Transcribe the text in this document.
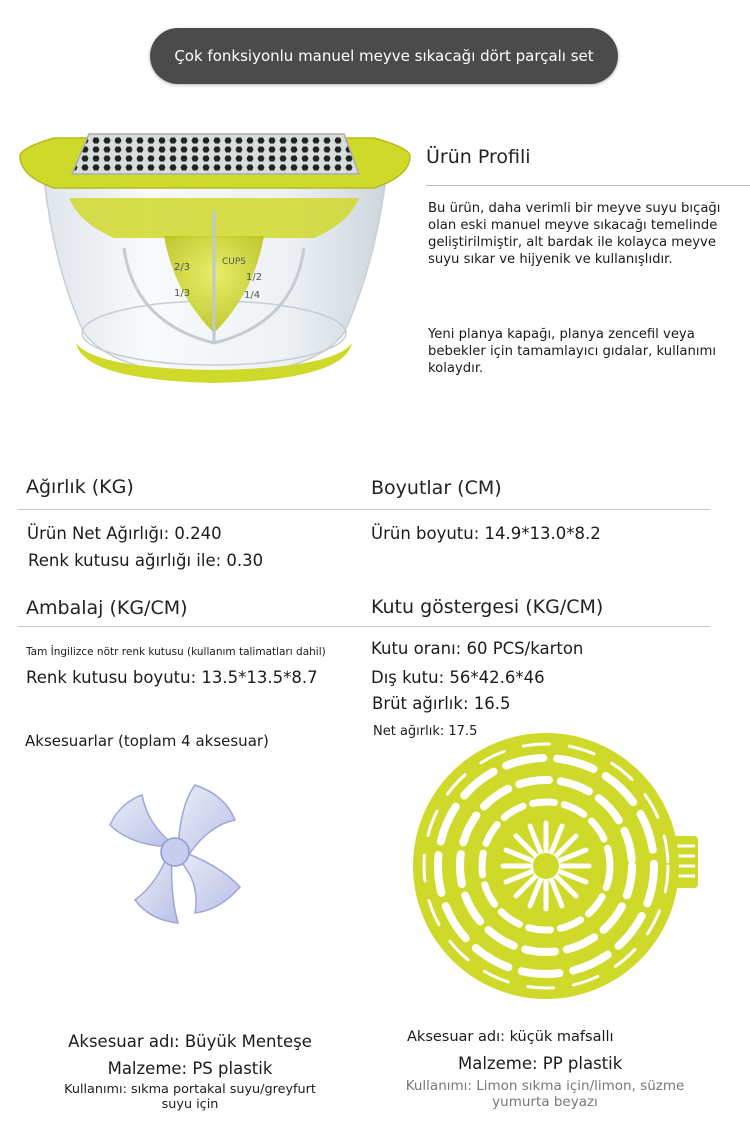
Çok fonksiyonlu manuel meyve sıkacağı dört parçalı set
2/3
1/3
1/2
1/4
CUPS
Ürün Profili
Bu ürün, daha verimli bir meyve suyu bıçağı olan eski manuel meyve sıkacağı temelinde geliştirilmiştir, alt bardak ile kolayca meyve suyu sıkar ve hijyenik ve kullanışlıdır.
Yeni planya kapağı, planya zencefil veya bebekler için tamamlayıcı gıdalar, kullanımı kolaydır.
Ağırlık (KG)	Boyutlar (CM)
Ürün Net Ağırlığı: 0.240
Renk kutusu ağırlığı ile: 0.30
Ürün boyutu: 14.9*13.0*8.2
Ambalaj (KG/CM)	Kutu göstergesi (KG/CM)
Tam İngilizce nötr renk kutusu (kullanım talimatları dahil)
Renk kutusu boyutu: 13.5*13.5*8.7
Kutu oranı: 60 PCS/karton
Dış kutu: 56*42.6*46
Brüt ağırlık: 16.5
Net ağırlık: 17.5
Aksesuarlar (toplam 4 aksesuar)
Aksesuar adı: Büyük Menteşe
Malzeme: PS plastik
Kullanımı: sıkma portakal suyu/greyfurt
suyu için
Aksesuar adı: küçük mafsallı
Malzeme: PP plastik
Kullanımı: Limon sıkma için/limon, süzme
yumurta beyazı
